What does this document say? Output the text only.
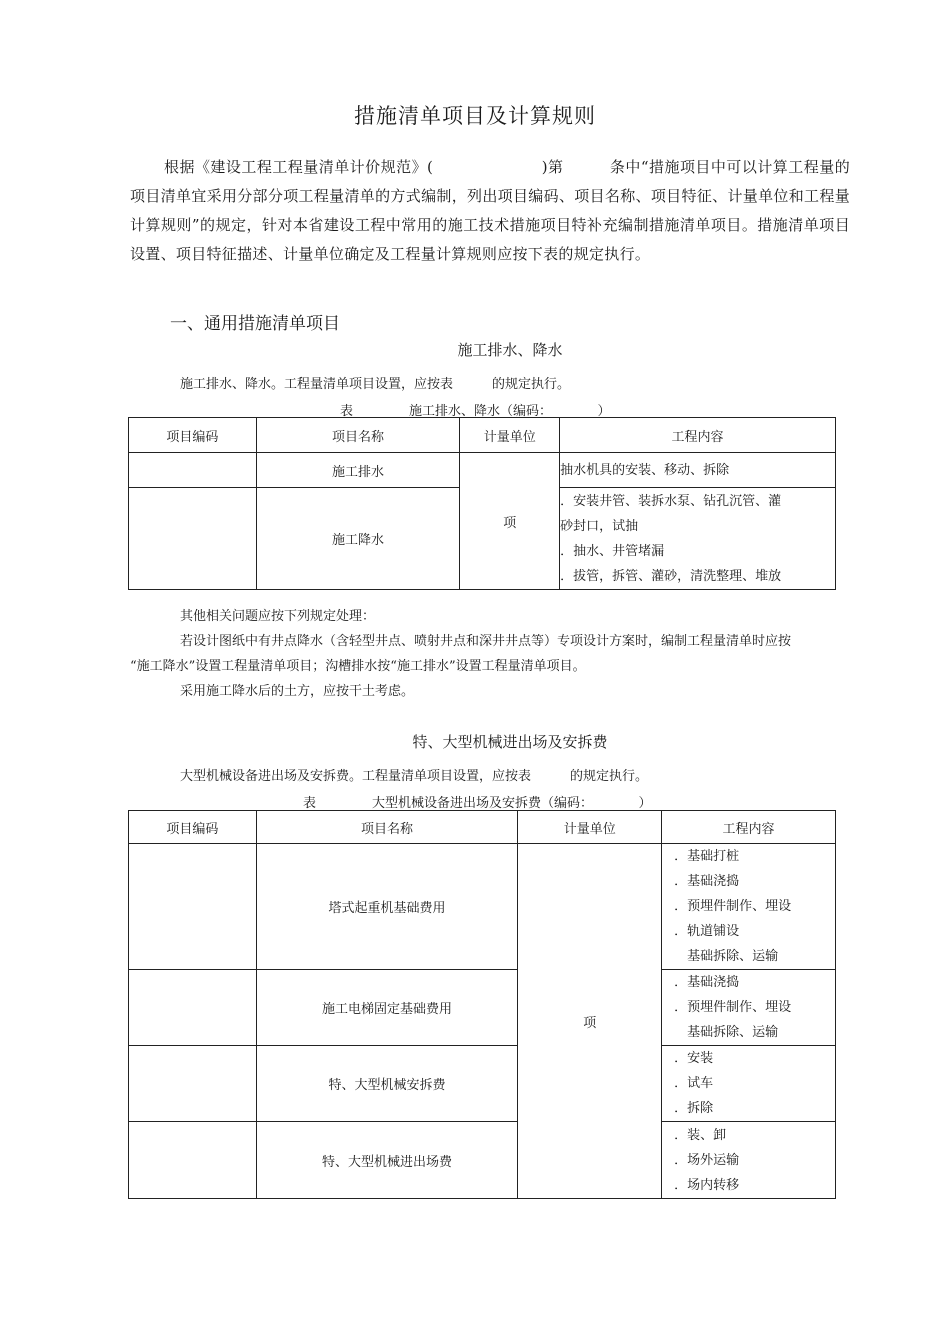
措施清单项目及计算规则
根据《建设工程工程量清单计价规范》(　　　　　　　)第　　　条中“措施项目中可以计算工程量的项目清单宜采用分部分项工程量清单的方式编制，列出项目编码、项目名称、项目特征、计量单位和工程量计算规则”的规定，针对本省建设工程中常用的施工技术措施项目特补充编制措施清单项目。措施清单项目设置、项目特征描述、计量单位确定及工程量计算规则应按下表的规定执行。
一、通用措施清单项目
施工排水、降水
施工排水、降水。工程量清单项目设置，应按表　　　的规定执行。
表	施工排水、降水（编码：　　　　）
项目编码	项目名称	计量单位	工程内容
	施工排水	项	抽水机具的安装、移动、拆除

	施工降水		．安装井管、装拆水泵、钻孔沉管、灌
砂封口，试抽
．抽水、井管堵漏
．拔管，拆管、灌砂，清洗整理、堆放
其他相关问题应按下列规定处理：
若设计图纸中有井点降水（含轻型井点、喷射井点和深井井点等）专项设计方案时，编制工程量清单时应按
“施工降水”设置工程量清单项目；沟槽排水按“施工排水”设置工程量清单项目。
采用施工降水后的土方，应按干土考虑。
特、大型机械进出场及安拆费
大型机械设备进出场及安拆费。工程量清单项目设置，应按表　　　的规定执行。
表	大型机械设备进出场及安拆费（编码：　　　　）
项目编码	项目名称	计量单位	工程内容
	塔式起重机基础费用	项	．基础打桩
．基础浇捣
．预埋件制作、埋设
．轨道铺设
　基础拆除、运输

	施工电梯固定基础费用		．基础浇捣
．预埋件制作、埋设
　基础拆除、运输

	特、大型机械安拆费		．安装
．试车
．拆除

	特、大型机械进出场费		．装、卸
．场外运输
．场内转移
